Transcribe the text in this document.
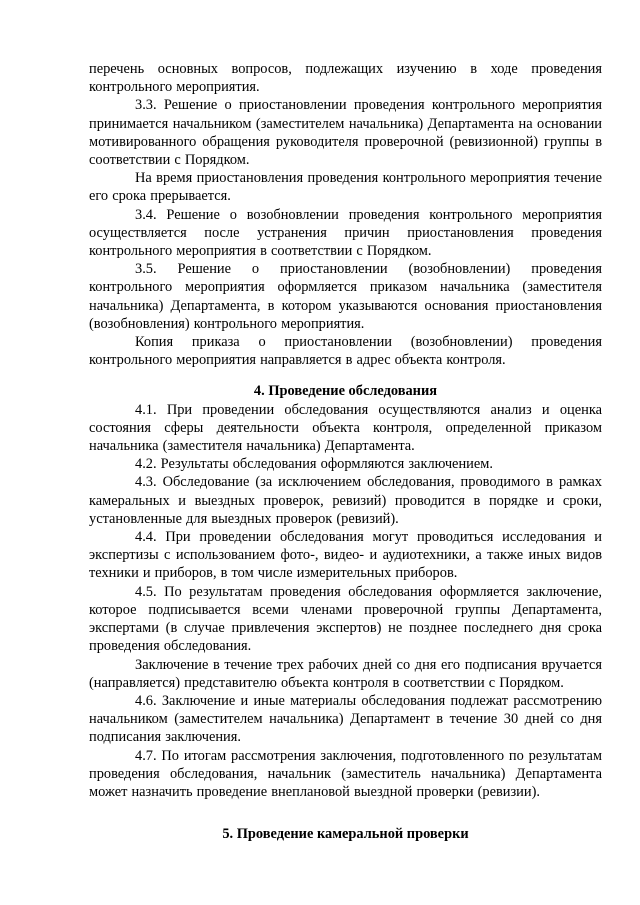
перечень основных вопросов, подлежащих изучению в ходе проведения контрольного мероприятия.

3.3. Решение о приостановлении проведения контрольного мероприятия принимается начальником (заместителем начальника) Департамента на основании мотивированного обращения руководителя проверочной (ревизионной) группы в соответствии с Порядком.

На время приостановления проведения контрольного мероприятия течение его срока прерывается.

3.4. Решение о возобновлении проведения контрольного мероприятия осуществляется после устранения причин приостановления проведения контрольного мероприятия в соответствии с Порядком.

3.5. Решение о приостановлении (возобновлении) проведения контрольного мероприятия оформляется приказом начальника (заместителя начальника) Департамента, в котором указываются основания приостановления (возобновления) контрольного мероприятия.

Копия приказа о приостановлении (возобновлении) проведения контрольного мероприятия направляется в адрес объекта контроля.

4. Проведение обследования

4.1. При проведении обследования осуществляются анализ и оценка состояния сферы деятельности объекта контроля, определенной приказом начальника (заместителя начальника) Департамента.

4.2. Результаты обследования оформляются заключением.

4.3. Обследование (за исключением обследования, проводимого в рамках камеральных и выездных проверок, ревизий) проводится в порядке и сроки, установленные для выездных проверок (ревизий).

4.4. При проведении обследования могут проводиться исследования и экспертизы с использованием фото-, видео- и аудиотехники, а также иных видов техники и приборов, в том числе измерительных приборов.

4.5. По результатам проведения обследования оформляется заключение, которое подписывается всеми членами проверочной группы Департамента, экспертами (в случае привлечения экспертов) не позднее последнего дня срока проведения обследования.

Заключение в течение трех рабочих дней со дня его подписания вручается (направляется) представителю объекта контроля в соответствии с Порядком.

4.6. Заключение и иные материалы обследования подлежат рассмотрению начальником (заместителем начальника) Департамент в течение 30 дней со дня подписания заключения.

4.7. По итогам рассмотрения заключения, подготовленного по результатам проведения обследования, начальник (заместитель начальника) Департамента может назначить проведение внеплановой выездной проверки (ревизии).

5. Проведение камеральной проверки
